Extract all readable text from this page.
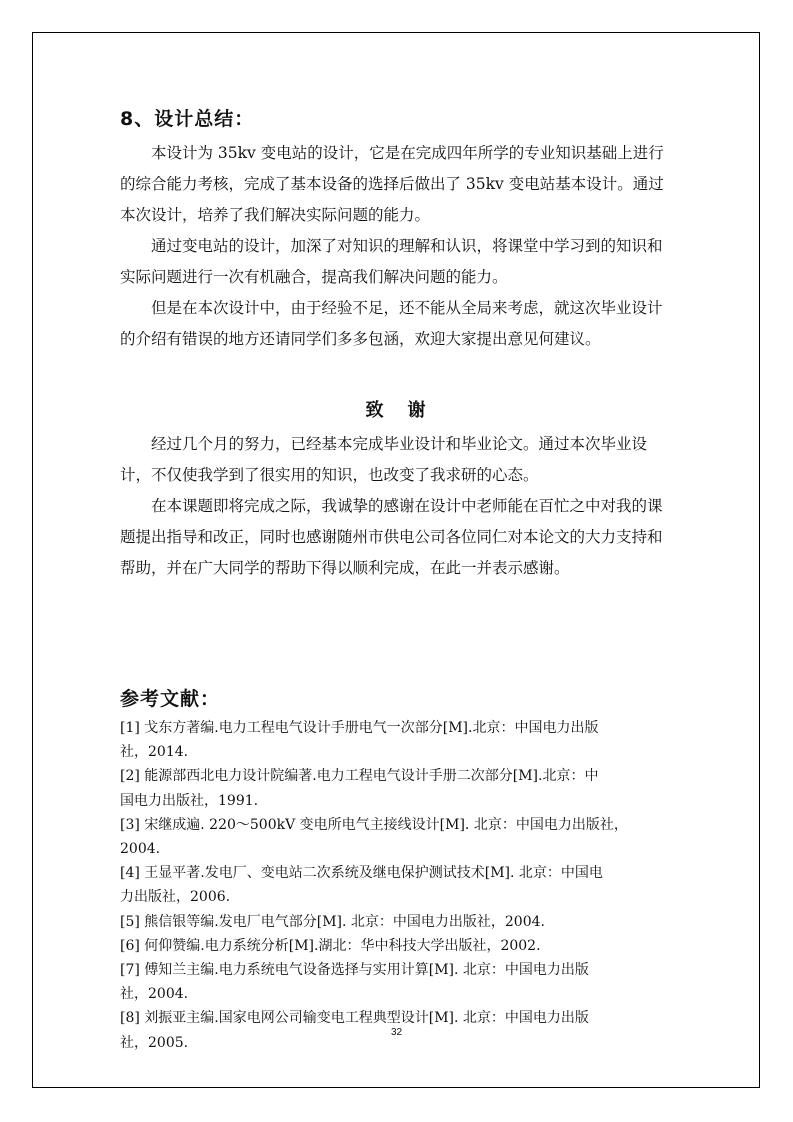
8、设计总结：
本设计为 35kv 变电站的设计，它是在完成四年所学的专业知识基础上进行
的综合能力考核，完成了基本设备的选择后做出了 35kv 变电站基本设计。通过
本次设计，培养了我们解决实际问题的能力。
通过变电站的设计，加深了对知识的理解和认识，将课堂中学习到的知识和
实际问题进行一次有机融合，提高我们解决问题的能力。
但是在本次设计中，由于经验不足，还不能从全局来考虑，就这次毕业设计
的介绍有错误的地方还请同学们多多包涵，欢迎大家提出意见何建议。
致 谢
经过几个月的努力，已经基本完成毕业设计和毕业论文。通过本次毕业设
计，不仅使我学到了很实用的知识，也改变了我求研的心态。
在本课题即将完成之际，我诚挚的感谢在设计中老师能在百忙之中对我的课
题提出指导和改正，同时也感谢随州市供电公司各位同仁对本论文的大力支持和
帮助，并在广大同学的帮助下得以顺利完成，在此一并表示感谢。
参考文献：
[1] 戈东方著编.电力工程电气设计手册电气一次部分[M].北京：中国电力出版
社，2014.
[2] 能源部西北电力设计院编著.电力工程电气设计手册二次部分[M].北京：中
国电力出版社，1991.
[3] 宋继成遍. 220～500kV 变电所电气主接线设计[M]. 北京：中国电力出版社，
2004.
[4] 王显平著.发电厂、变电站二次系统及继电保护测试技术[M]. 北京：中国电
力出版社，2006.
[5] 熊信银等编.发电厂电气部分[M]. 北京：中国电力出版社，2004.
[6] 何仰赞编.电力系统分析[M].湖北：华中科技大学出版社，2002.
[7] 傅知兰主编.电力系统电气设备选择与实用计算[M]. 北京：中国电力出版
社，2004.
[8] 刘振亚主编.国家电网公司输变电工程典型设计[M]. 北京：中国电力出版
社，2005.
32
